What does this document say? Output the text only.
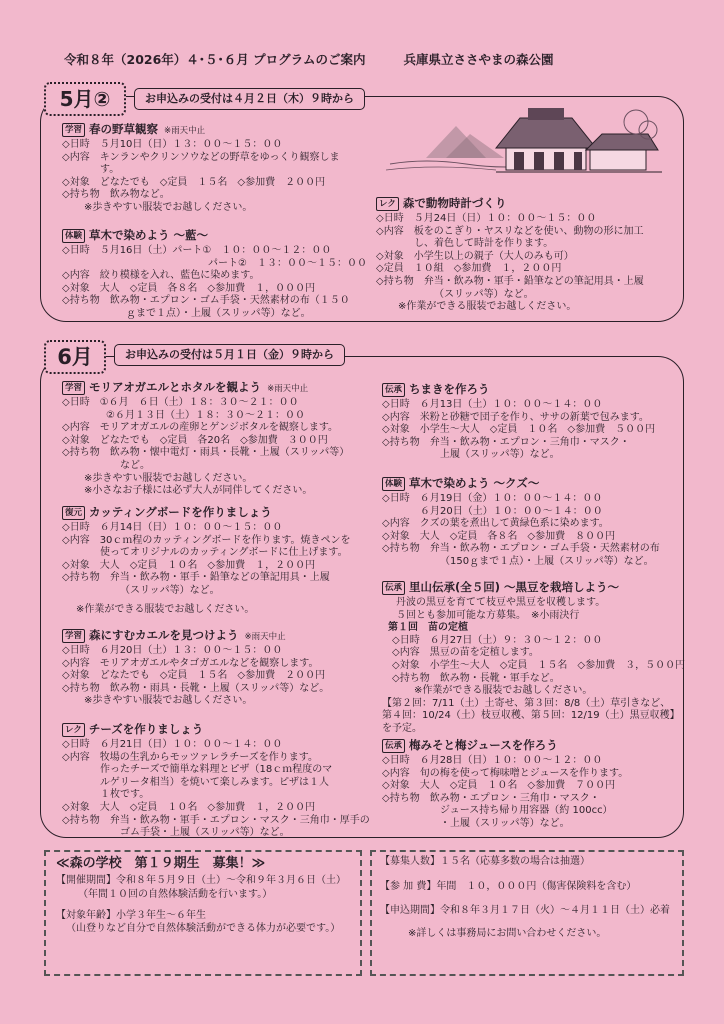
令和８年（2026年）４･５･６月 プログラムのご案内	兵庫県立ささやまの森公園
5月②	お申込みの受付は４月２日（木）９時から
学習 春の野草観察 ※雨天中止
◇日時　５月10日（日）１３：００～１５：００
◇内容　キンランやクリンソウなどの野草をゆっくり観察しま
す。
◇対象　どなたでも　◇定員　１５名　◇参加費　２００円
◇持ち物　飲み物など。
※歩きやすい服装でお越しください。
体験 草木で染めよう ～藍～
◇日時　５月16日（土）パート①　１０：００～１２：００
パート②　１３：００～１５：００
◇内容　絞り模様を入れ、藍色に染めます。
◇対象　大人　◇定員　各８名　◇参加費　１，０００円
◇持ち物　飲み物・エプロン・ゴム手袋・天然素材の布（１５０
ｇまで１点）・上履（スリッパ等）など。
レク 森で動物時計づくり
◇日時　５月24日（日）１０：００～１５：００
◇内容　板をのこぎり・ヤスリなどを使い、動物の形に加工
し、着色して時計を作ります。
◇対象　小学生以上の親子（大人のみも可）
◇定員　１０組　◇参加費　１，２００円
◇持ち物　弁当・飲み物・軍手・鉛筆などの筆記用具・上履
（スリッパ等）など。
※作業ができる服装でお越しください。
6月	お申込みの受付は５月１日（金）９時から
学習 モリアオガエルとホタルを観よう ※雨天中止
◇日時　①６月　６日（土）１８：３０～２１：００
②６月１３日（土）１８：３０～２１：００
◇内容　モリアオガエルの産卵とゲンジボタルを観察します。
◇対象　どなたでも　◇定員　各20名　◇参加費　３００円
◇持ち物　飲み物・懐中電灯・雨具・長靴・上履（スリッパ等）
など。
※歩きやすい服装でお越しください。
※小さなお子様には必ず大人が同伴してください。
復元 カッティングボードを作りましょう
◇日時　６月14日（日）１０：００～１５：００
◇内容　30ｃｍ程のカッティングボードを作ります。焼きペンを
使ってオリジナルのカッティングボードに仕上げます。
◇対象　大人　◇定員　１０名　◇参加費　１，２００円
◇持ち物　弁当・飲み物・軍手・鉛筆などの筆記用具・上履
（スリッパ等）など。
※作業ができる服装でお越しください。
学習 森にすむカエルを見つけよう ※雨天中止
◇日時　６月20日（土）１３：００～１５：００
◇内容　モリアオガエルやタゴガエルなどを観察します。
◇対象　どなたでも　◇定員　１５名　◇参加費　２００円
◇持ち物　飲み物・雨具・長靴・上履（スリッパ等）など。
※歩きやすい服装でお越しください。
レク チーズを作りましょう
◇日時　６月21日（日）１０：００～１４：００
◇内容　牧場の生乳からモッツァレラチーズを作ります。
作ったチーズで簡単な料理とピザ（18ｃｍ程度のマ
ルゲリータ相当）を焼いて楽しみます。ピザは１人
１枚です。
◇対象　大人　◇定員　１０名　◇参加費　１，２００円
◇持ち物　弁当・飲み物・軍手・エプロン・マスク・三角巾・厚手の
ゴム手袋・上履（スリッパ等）など。
伝承 ちまきを作ろう
◇日時　６月13日（土）１０：００～１４：００
◇内容　米粉と砂糖で団子を作り、ササの新葉で包みます。
◇対象　小学生～大人　◇定員　１０名　◇参加費　５００円
◇持ち物　弁当・飲み物・エプロン・三角巾・マスク・
上履（スリッパ等）など。
体験 草木で染めよう ～クズ～
◇日時　６月19日（金）１０：００～１４：００
６月20日（土）１０：００～１４：００
◇内容　クズの葉を煮出して黄緑色系に染めます。
◇対象　大人　◇定員　各８名　◇参加費　８００円
◇持ち物　弁当・飲み物・エプロン・ゴム手袋・天然素材の布
（150ｇまで１点）・上履（スリッパ等）など。
伝承 里山伝承(全５回) ～黒豆を栽培しよう～
丹波の黒豆を育てて枝豆や黒豆を収穫します。
５回とも参加可能な方募集。　※小雨決行
第１回　苗の定植
◇日時　６月27日（土）９：３０～１２：００
◇内容　黒豆の苗を定植します。
◇対象　小学生～大人　◇定員　１５名　◇参加費　３，５００円
◇持ち物　飲み物・長靴・軍手など。
※作業ができる服装でお越しください。
【第２回：7/11（土）土寄せ、第３回：8/8（土）草引きなど、
第４回：10/24（土）枝豆収穫、第５回：12/19（土）黒豆収穫】
を予定。
伝承 梅みそと梅ジュースを作ろう
◇日時　６月28日（日）１０：００～１２：００
◇内容　旬の梅を使って梅味噌とジュースを作ります。
◇対象　大人　◇定員　１０名　◇参加費　７００円
◇持ち物　飲み物・エプロン・三角巾・マスク・
ジュース持ち帰り用容器（約 100cc）
・上履（スリッパ等）など。
≪森の学校　第１９期生　募集！≫
【開催期間】令和８年５月９日（土）～令和９年３月６日（土）
（年間１０回の自然体験活動を行います。）
【対象年齢】小学３年生～６年生
（山登りなど自分で自然体験活動ができる体力が必要です。）
【募集人数】１５名（応募多数の場合は抽選）
【参 加 費】年間　１０，０００円（傷害保険料を含む）
【申込期間】令和８年３月１７日（火）～４月１１日（土）必着
※詳しくは事務局にお問い合わせください。
